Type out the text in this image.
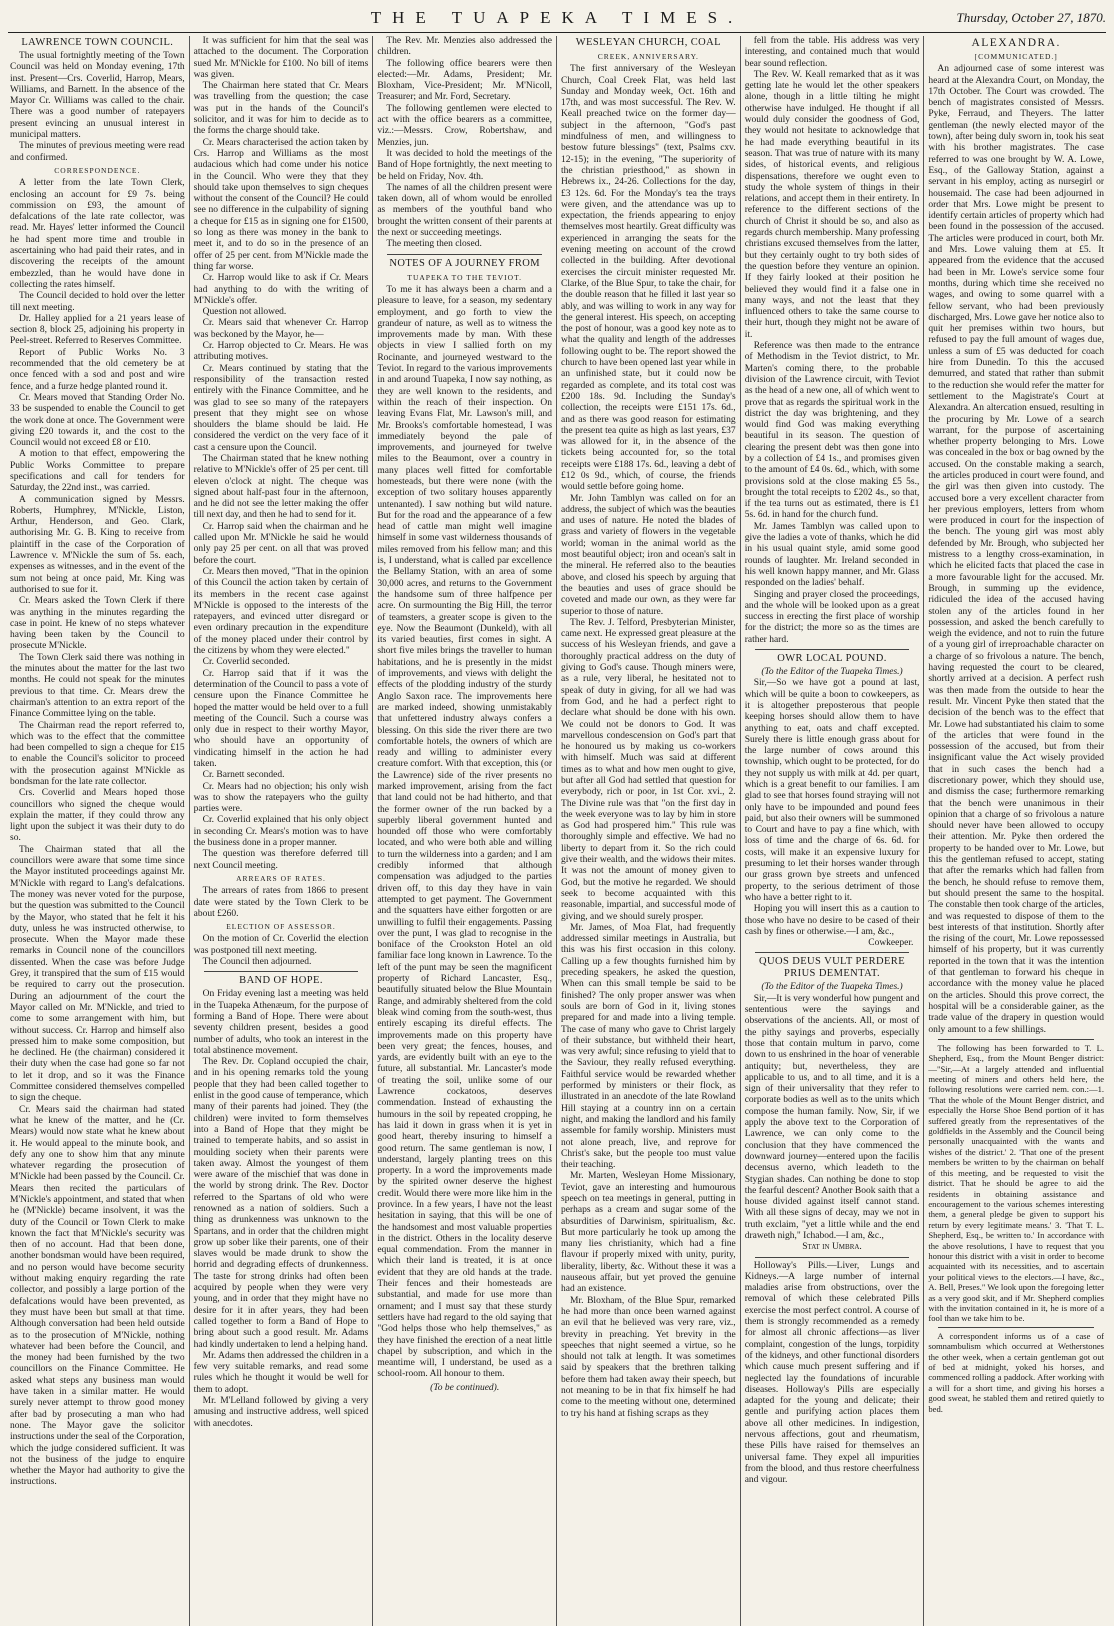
THE TUAPEKA TIMES.	Thursday, October 27, 1870.
LAWRENCE TOWN COUNCIL.

The usual fortnightly meeting of the Town Council was held on Monday evening, 17th inst. Present—Crs. Coverlid, Harrop, Mears, Williams, and Barnett. In the absence of the Mayor Cr. Williams was called to the chair. There was a good number of ratepayers present evincing an unusual interest in municipal matters.

The minutes of previous meeting were read and confirmed.

CORRESPONDENCE.

A letter from the late Town Clerk, enclosing an account for £9 7s. being commission on £93, the amount of defalcations of the late rate collector, was read. Mr. Hayes' letter informed the Council he had spent more time and trouble in ascertaining who had paid their rates, and in discovering the receipts of the amount embezzled, than he would have done in collecting the rates himself.

The Council decided to hold over the letter till next meeting.

Dr. Halley applied for a 21 years lease of section 8, block 25, adjoining his property in Peel-street. Referred to Reserves Committee.

Report of Public Works No. 3 recommended that the old cemetery be at once fenced with a sod and post and wire fence, and a furze hedge planted round it.

Cr. Mears moved that Standing Order No. 33 be suspended to enable the Council to get the work done at once. The Government were giving £20 towards it, and the cost to the Council would not exceed £8 or £10.

A motion to that effect, empowering the Public Works Committee to prepare specifications and call for tenders for Saturday, the 22nd inst., was carried.

A communication signed by Messrs. Roberts, Humphrey, M'Nickle, Liston, Arthur, Henderson, and Geo. Clark, authorising Mr. G. B. King to receive from plaintiff in the case of the Corporation of Lawrence v. M'Nickle the sum of 5s. each, expenses as witnesses, and in the event of the sum not being at once paid, Mr. King was authorised to sue for it.

Cr. Mears asked the Town Clerk if there was anything in the minutes regarding the case in point. He knew of no steps whatever having been taken by the Council to prosecute M'Nickle.

The Town Clerk said there was nothing in the minutes about the matter for the last two months. He could not speak for the minutes previous to that time. Cr. Mears drew the chairman's attention to an extra report of the Finance Committee lying on the table.

The Chairman read the report referred to, which was to the effect that the committee had been compelled to sign a cheque for £15 to enable the Council's solicitor to proceed with the prosecution against M'Nickle as bondsman for the late rate collector.

Crs. Coverlid and Mears hoped those councillors who signed the cheque would explain the matter, if they could throw any light upon the subject it was their duty to do so.

The Chairman stated that all the councillors were aware that some time since the Mayor instituted proceedings against Mr. M'Nickle with regard to Lang's defalcations. The money was never voted for the purpose, but the question was submitted to the Council by the Mayor, who stated that he felt it his duty, unless he was instructed otherwise, to prosecute. When the Mayor made these remarks in Council none of the councillors dissented. When the case was before Judge Grey, it transpired that the sum of £15 would be required to carry out the prosecution. During an adjournment of the court the Mayor called on Mr. M'Nickle, and tried to come to some arrangement with him, but without success. Cr. Harrop and himself also pressed him to make some composition, but he declined. He (the chairman) considered it their duty when the case had gone so far not to let it drop, and so it was the Finance Committee considered themselves compelled to sign the cheque.

Cr. Mears said the chairman had stated what he knew of the matter, and he (Cr. Mears) would now state what he knew about it. He would appeal to the minute book, and defy any one to show him that any minute whatever regarding the prosecution of M'Nickle had been passed by the Council. Cr. Mears then recited the particulars of M'Nickle's appointment, and stated that when he (M'Nickle) became insolvent, it was the duty of the Council or Town Clerk to make known the fact that M'Nickle's security was then of no account. Had that been done, another bondsman would have been required, and no person would have become security without making enquiry regarding the rate collector, and possibly a large portion of the defalcations would have been prevented, as they must have been but small at that time. Although conversation had been held outside as to the prosecution of M'Nickle, nothing whatever had been before the Council, and the money had been furnished by the two councillors on the Finance Committee. He asked what steps any business man would have taken in a similar matter. He would surely never attempt to throw good money after bad by prosecuting a man who had none. The Mayor gave the solicitor instructions under the seal of the Corporation, which the judge considered sufficient. It was not the business of the judge to enquire whether the Mayor had authority to give the instructions.

It was sufficient for him that the seal was attached to the document. The Corporation sued Mr. M'Nickle for £100. No bill of items was given.

The Chairman here stated that Cr. Mears was travelling from the question; the case was put in the hands of the Council's solicitor, and it was for him to decide as to the forms the charge should take.

Cr. Mears characterised the action taken by Crs. Harrop and Williams as the most audacious which had come under his notice in the Council. Who were they that they should take upon themselves to sign cheques without the consent of the Council? He could see no difference in the culpability of signing a cheque for £15 as in signing one for £1500, so long as there was money in the bank to meet it, and to do so in the presence of an offer of 25 per cent. from M'Nickle made the thing far worse.

Cr. Harrop would like to ask if Cr. Mears had anything to do with the writing of M'Nickle's offer.

Question not allowed.

Cr. Mears said that whenever Cr. Harrop was beckoned by the Mayor, he—

Cr. Harrop objected to Cr. Mears. He was attributing motives.

Cr. Mears continued by stating that the responsibility of the transaction rested entirely with the Finance Committee, and he was glad to see so many of the ratepayers present that they might see on whose shoulders the blame should be laid. He considered the verdict on the very face of it cast a censure upon the Council.

The Chairman stated that he knew nothing relative to M'Nickle's offer of 25 per cent. till eleven o'clock at night. The cheque was signed about half-past four in the afternoon, and he did not see the letter making the offer till next day, and then he had to send for it.

Cr. Harrop said when the chairman and he called upon Mr. M'Nickle he said he would only pay 25 per cent. on all that was proved before the court.

Cr. Mears then moved, "That in the opinion of this Council the action taken by certain of its members in the recent case against M'Nickle is opposed to the interests of the ratepayers, and evinced utter disregard or even ordinary precaution in the expenditure of the money placed under their control by the citizens by whom they were elected."

Cr. Coverlid seconded.

Cr. Harrop said that if it was the determination of the Council to pass a vote of censure upon the Finance Committee he hoped the matter would be held over to a full meeting of the Council. Such a course was only due in respect to their worthy Mayor, who should have an opportunity of vindicating himself in the action he had taken.

Cr. Barnett seconded.

Cr. Mears had no objection; his only wish was to show the ratepayers who the guilty parties were.

Cr. Coverlid explained that his only object in seconding Cr. Mears's motion was to have the business done in a proper manner.

The question was therefore deferred till next Council meeting.

ARREARS OF RATES.

The arrears of rates from 1866 to present date were stated by the Town Clerk to be about £260.

ELECTION OF ASSESSOR.

On the motion of Cr. Coverlid the election was postponed till next meeting.

The Council then adjourned.

BAND OF HOPE.

On Friday evening last a meeting was held in the Tuapeka Athenæum, for the purpose of forming a Band of Hope. There were about seventy children present, besides a good number of adults, who took an interest in the total abstinence movement.

The Rev. Dr. Copland occupied the chair, and in his opening remarks told the young people that they had been called together to enlist in the good cause of temperance, which many of their parents had joined. They (the children) were invited to form themselves into a Band of Hope that they might be trained to temperate habits, and so assist in moulding society when their parents were taken away. Almost the youngest of them were aware of the mischief that was done in the world by strong drink. The Rev. Doctor referred to the Spartans of old who were renowned as a nation of soldiers. Such a thing as drunkenness was unknown to the Spartans, and in order that the children might grow up sober like their parents, one of their slaves would be made drunk to show the horrid and degrading effects of drunkenness. The taste for strong drinks had often been acquired by people when they were very young, and in order that they might have no desire for it in after years, they had been called together to form a Band of Hope to bring about such a good result. Mr. Adams had kindly undertaken to lend a helping hand.

Mr. Adams then addressed the children in a few very suitable remarks, and read some rules which he thought it would be well for them to adopt.

Mr. M'Lelland followed by giving a very amusing and instructive address, well spiced with anecdotes.

The Rev. Mr. Menzies also addressed the children.

The following office bearers were then elected:—Mr. Adams, President; Mr. Bloxham, Vice-President; Mr. M'Nicoll, Treasurer; and Mr. Ford, Secretary.

The following gentlemen were elected to act with the office bearers as a committee, viz.:—Messrs. Crow, Robertshaw, and Menzies, jun.

It was decided to hold the meetings of the Band of Hope fortnightly, the next meeting to be held on Friday, Nov. 4th.

The names of all the children present were taken down, all of whom would be enrolled as members of the youthful band who brought the written consent of their parents at the next or succeeding meetings.

The meeting then closed.

NOTES OF A JOURNEY FROM
TUAPEKA TO THE TEVIOT.

To me it has always been a charm and a pleasure to leave, for a season, my sedentary employment, and go forth to view the grandeur of nature, as well as to witness the improvements made by man. With these objects in view I sallied forth on my Rocinante, and journeyed westward to the Teviot. In regard to the various improvements in and around Tuapeka, I now say nothing, as they are well known to the residents, and within the reach of their inspection. On leaving Evans Flat, Mr. Lawson's mill, and Mr. Brooks's comfortable homestead, I was immediately beyond the pale of improvements, and journeyed for twelve miles to the Beaumont, over a country in many places well fitted for comfortable homesteads, but there were none (with the exception of two solitary houses apparently untenanted). I saw nothing but wild nature. But for the road and the appearance of a few head of cattle man might well imagine himself in some vast wilderness thousands of miles removed from his fellow man; and this is, I understand, what is called par excellence the Bellamy Station, with an area of some 30,000 acres, and returns to the Government the handsome sum of three halfpence per acre. On surmounting the Big Hill, the terror of teamsters, a greater scope is given to the eye. Now the Beaumont (Dunkeld), with all its varied beauties, first comes in sight. A short five miles brings the traveller to human habitations, and he is presently in the midst of improvements, and views with delight the effects of the plodding industry of the sturdy Anglo Saxon race. The improvements here are marked indeed, showing unmistakably that unfettered industry always confers a blessing. On this side the river there are two comfortable hotels, the owners of which are ready and willing to administer every creature comfort. With that exception, this (or the Lawrence) side of the river presents no marked improvement, arising from the fact that land could not be had hitherto, and that the former owner of the run backed by a superbly liberal government hunted and hounded off those who were comfortably located, and who were both able and willing to turn the wilderness into a garden; and I am credibly informed that although compensation was adjudged to the parties driven off, to this day they have in vain attempted to get payment. The Government and the squatters have either forgotten or are unwilling to fulfil their engagements. Passing over the punt, I was glad to recognise in the boniface of the Crookston Hotel an old familiar face long known in Lawrence. To the left of the punt may be seen the magnificent property of Richard Lancaster, Esq., beautifully situated below the Blue Mountain Range, and admirably sheltered from the cold bleak wind coming from the south-west, thus entirely escaping its direful effects. The improvements made on this property have been very great; the fences, houses, and yards, are evidently built with an eye to the future, all substantial. Mr. Lancaster's mode of treating the soil, unlike some of our Lawrence cockatoos, deserves commendation. Instead of exhausting the humours in the soil by repeated cropping, he has laid it down in grass when it is yet in good heart, thereby insuring to himself a good return. The same gentleman is now, I understand, largely planting trees on this property. In a word the improvements made by the spirited owner deserve the highest credit. Would there were more like him in the province. In a few years, I have not the least hesitation in saying, that this will be one of the handsomest and most valuable properties in the district. Others in the locality deserve equal commendation. From the manner in which their land is treated, it is at once evident that they are old hands at the trade. Their fences and their homesteads are substantial, and made for use more than ornament; and I must say that these sturdy settlers have had regard to the old saying that "God helps those who help themselves," as they have finished the erection of a neat little chapel by subscription, and which in the meantime will, I understand, be used as a school-room. All honour to them.

(To be continued).
WESLEYAN CHURCH, COAL
CREEK, ANNIVERSARY.

The first anniversary of the Wesleyan Church, Coal Creek Flat, was held last Sunday and Monday week, Oct. 16th and 17th, and was most successful. The Rev. W. Keall preached twice on the former day—subject in the afternoon, "God's past mindfulness of men, and willingness to bestow future blessings" (text, Psalms cxv. 12-15); in the evening, "The superiority of the christian priesthood," as shown in Hebrews ix., 24-26. Collections for the day, £3 12s. 6d. For the Monday's tea the trays were given, and the attendance was up to expectation, the friends appearing to enjoy themselves most heartily. Great difficulty was experienced in arranging the seats for the evening meeting on account of the crowd collected in the building. After devotional exercises the circuit minister requested Mr. Clarke, of the Blue Spur, to take the chair, for the double reason that he filled it last year so ably, and was willing to work in any way for the general interest. His speech, on accepting the post of honour, was a good key note as to what the quality and length of the addresses following ought to be. The report showed the church to have been opened last year while in an unfinished state, but it could now be regarded as complete, and its total cost was £200 18s. 9d. Including the Sunday's collection, the receipts were £151 17s. 6d., and as there was good reason for estimating the present tea quite as high as last years, £37 was allowed for it, in the absence of the tickets being accounted for, so the total receipts were £188 17s. 6d., leaving a debt of £12 0s 9d., which, of course, the friends would settle before going home.

Mr. John Tamblyn was called on for an address, the subject of which was the beauties and uses of nature. He noted the blades of grass and variety of flowers in the vegetable world; woman in the animal world as the most beautiful object; iron and ocean's salt in the mineral. He referred also to the beauties above, and closed his speech by arguing that the beauties and uses of grace should be coveted and made our own, as they were far superior to those of nature.

The Rev. J. Telford, Presbyterian Minister, came next. He expressed great pleasure at the success of his Wesleyan friends, and gave a thoroughly practical address on the duty of giving to God's cause. Though miners were, as a rule, very liberal, he hesitated not to speak of duty in giving, for all we had was from God, and he had a perfect right to declare what should be done with his own. We could not be donors to God. It was marvellous condescension on God's part that he honoured us by making us co-workers with himself. Much was said at different times as to what and how men ought to give, but after all God had settled that question for everybody, rich or poor, in 1st Cor. xvi., 2. The Divine rule was that "on the first day in the week everyone was to lay by him in store as God had prospered him." This rule was thoroughly simple and effective. We had no liberty to depart from it. So the rich could give their wealth, and the widows their mites. It was not the amount of money given to God, but the motive he regarded. We should seek to become acquainted with this reasonable, impartial, and successful mode of giving, and we should surely prosper.

Mr. James, of Moa Flat, had frequently addressed similar meetings in Australia, but this was his first occasion in this colony. Calling up a few thoughts furnished him by preceding speakers, he asked the question, When can this small temple be said to be finished? The only proper answer was when souls are born of God in it, living stones prepared for and made into a living temple. The case of many who gave to Christ largely of their substance, but withheld their heart, was very awful; since refusing to yield that to the Saviour, they really refused everything. Faithful service would be rewarded whether performed by ministers or their flock, as illustrated in an anecdote of the late Rowland Hill staying at a country inn on a certain night, and making the landlord and his family assemble for family worship. Ministers must not alone preach, live, and reprove for Christ's sake, but the people too must value their teaching.

Mr. Marten, Wesleyan Home Missionary, Teviot, gave an interesting and humourous speech on tea meetings in general, putting in perhaps as a cream and sugar some of the absurdities of Darwinism, spiritualism, &c. But more particularly he took up among the many lies christianity, which had a fine flavour if properly mixed with unity, purity, liberality, liberty, &c. Without these it was a nauseous affair, but yet proved the genuine had an existence.

Mr. Bloxham, of the Blue Spur, remarked he had more than once been warned against an evil that he believed was very rare, viz., brevity in preaching. Yet brevity in the speeches that night seemed a virtue, so he should not talk at length. It was sometimes said by speakers that the brethren talking before them had taken away their speech, but not meaning to be in that fix himself he had come to the meeting without one, determined to try his hand at fishing scraps as they

fell from the table. His address was very interesting, and contained much that would bear sound reflection.

The Rev. W. Keall remarked that as it was getting late he would let the other speakers alone, though in a little tilting he might otherwise have indulged. He thought if all would duly consider the goodness of God, they would not hesitate to acknowledge that he had made everything beautiful in its season. That was true of nature with its many sides, of historical events, and religious dispensations, therefore we ought even to study the whole system of things in their relations, and accept them in their entirety. In reference to the different sections of the church of Christ it should be so, and also as regards church membership. Many professing christians excused themselves from the latter, but they certainly ought to try both sides of the question before they venture an opinion. If they fairly looked at their position he believed they would find it a false one in many ways, and not the least that they influenced others to take the same course to their hurt, though they might not be aware of it.

Reference was then made to the entrance of Methodism in the Teviot district, to Mr. Marten's coming there, to the probable division of the Lawrence circuit, with Teviot as the head of a new one, all of which went to prove that as regards the spiritual work in the district the day was brightening, and they would find God was making everything beautiful in its season. The question of clearing the present debt was then gone into by a collection of £4 1s., and promises given to the amount of £4 0s. 6d., which, with some provisions sold at the close making £5 5s., brought the total receipts to £202 4s., so that, if the tea turns out as estimated, there is £1 5s. 6d. in hand for the church fund.

Mr. James Tamblyn was called upon to give the ladies a vote of thanks, which he did in his usual quaint style, amid some good rounds of laughter. Mr. Ireland seconded in his well known happy manner, and Mr. Glass responded on the ladies' behalf.

Singing and prayer closed the proceedings, and the whole will be looked upon as a great success in erecting the first place of worship for the district; the more so as the times are rather hard.

OWR LOCAL POUND.
(To the Editor of the Tuapeka Times.)

Sir,—So we have got a pound at last, which will be quite a boon to cowkeepers, as it is altogether preposterous that people keeping horses should allow them to have anything to eat, oats and chaff excepted. Surely there is little enough grass about for the large number of cows around this township, which ought to be protected, for do they not supply us with milk at 4d. per quart, which is a great benefit to our families. I am glad to see that horses found straying will not only have to be impounded and pound fees paid, but also their owners will be summoned to Court and have to pay a fine which, with loss of time and the charge of 6s. 6d. for costs, will make it an expensive luxury for presuming to let their horses wander through our grass grown bye streets and unfenced property, to the serious detriment of those who have a better right to it.

Hoping you will insert this as a caution to those who have no desire to be cased of their cash by fines or otherwise.—I am, &c.,

Cowkeeper.
QUOS DEUS VULT PERDERE PRIUS DEMENTAT.
(To the Editor of the Tuapeka Times.)

Sir,—It is very wonderful how pungent and sententious were the sayings and observations of the ancients. All, or most of the pithy sayings and proverbs, especially those that contain multum in parvo, come down to us enshrined in the hoar of venerable antiquity; but, nevertheless, they are applicable to us, and to all time, and it is a sign of their universality that they refer to corporate bodies as well as to the units which compose the human family. Now, Sir, if we apply the above text to the Corporation of Lawrence, we can only come to the conclusion that they have commenced the downward journey—entered upon the facilis decensus averno, which leadeth to the Stygian shades. Can nothing be done to stop the fearful descent? Another Book saith that a house divided against itself cannot stand. With all these signs of decay, may we not in truth exclaim, "yet a little while and the end draweth nigh," Ichabod.—I am, &c.,

Stat in Umbra.

Holloway's Pills.—Liver, Lungs and Kidneys.—A large number of internal maladies arise from obstructions, over the removal of which these celebrated Pills exercise the most perfect control. A course of them is strongly recommended as a remedy for almost all chronic affections—as liver complaint, congestion of the lungs, torpidity of the kidneys, and other functional disorders which cause much present suffering and if neglected lay the foundations of incurable diseases. Holloway's Pills are especially adapted for the young and delicate; their gentle and purifying action places them above all other medicines. In indigestion, nervous affections, gout and rheumatism, these Pills have raised for themselves an universal fame. They expel all impurities from the blood, and thus restore cheerfulness and vigour.

ALEXANDRA.
[COMMUNICATED.]

An adjourned case of some interest was heard at the Alexandra Court, on Monday, the 17th October. The Court was crowded. The bench of magistrates consisted of Messrs. Pyke, Ferraud, and Theyers. The latter gentleman (the newly elected mayor of the town), after being duly sworn in, took his seat with his brother magistrates. The case referred to was one brought by W. A. Lowe, Esq., of the Galloway Station, against a servant in his employ, acting as nursegirl or housemaid. The case had been adjourned in order that Mrs. Lowe might be present to identify certain articles of property which had been found in the possession of the accused. The articles were produced in court, both Mr. and Mrs. Lowe valuing them at £5. It appeared from the evidence that the accused had been in Mr. Lowe's service some four months, during which time she received no wages, and owing to some quarrel with a fellow servant, who had been previously discharged, Mrs. Lowe gave her notice also to quit her premises within two hours, but refused to pay the full amount of wages due, unless a sum of £5 was deducted for coach hire from Dunedin. To this the accused demurred, and stated that rather than submit to the reduction she would refer the matter for settlement to the Magistrate's Court at Alexandra. An altercation ensued, resulting in the procuring by Mr. Lowe of a search warrant, for the purpose of ascertaining whether property belonging to Mrs. Lowe was concealed in the box or bag owned by the accused. On the constable making a search, the articles produced in court were found, and the girl was then given into custody. The accused bore a very excellent character from her previous employers, letters from whom were produced in court for the inspection of the bench. The young girl was most ably defended by Mr. Brough, who subjected her mistress to a lengthy cross-examination, in which he elicited facts that placed the case in a more favourable light for the accused. Mr. Brough, in summing up the evidence, ridiculed the idea of the accused having stolen any of the articles found in her possession, and asked the bench carefully to weigh the evidence, and not to ruin the future of a young girl of irreproachable character on a charge of so frivolous a nature. The bench, having requested the court to be cleared, shortly arrived at a decision. A perfect rush was then made from the outside to hear the result. Mr. Vincent Pyke then stated that the decision of the bench was to the effect that Mr. Lowe had substantiated his claim to some of the articles that were found in the possession of the accused, but from their insignificant value the Act wisely provided that in such cases the bench had a discretionary power, which they should use, and dismiss the case; furthermore remarking that the bench were unanimous in their opinion that a charge of so frivolous a nature should never have been allowed to occupy their attention. Mr. Pyke then ordered the property to be handed over to Mr. Lowe, but this the gentleman refused to accept, stating that after the remarks which had fallen from the bench, he should refuse to remove them, but should present the same to the hospital. The constable then took charge of the articles, and was requested to dispose of them to the best interests of that institution. Shortly after the rising of the court, Mr. Lowe repossessed himself of his property, but it was currently reported in the town that it was the intention of that gentleman to forward his cheque in accordance with the money value he placed on the articles. Should this prove correct, the hospital will be a considerable gainer, as the trade value of the drapery in question would only amount to a few shillings.

The following has been forwarded to T. L. Shepherd, Esq., from the Mount Benger district:—"Sir,—At a largely attended and influential meeting of miners and others held here, the following resolutions were carried nem. con.:—1. 'That the whole of the Mount Benger district, and especially the Horse Shoe Bend portion of it has suffered greatly from the representatives of the goldfields in the Assembly and the Council being personally unacquainted with the wants and wishes of the district.' 2. 'That one of the present members be written to by the chairman on behalf of this meeting, and be requested to visit the district. That he should be agree to aid the residents in obtaining assistance and encouragement to the various schemes interesting them, a general pledge be given to support his return by every legitimate means.' 3. 'That T. L. Shepherd, Esq., be written to.' In accordance with the above resolutions, I have to request that you honour this district with a visit in order to become acquainted with its necessities, and to ascertain your political views to the electors.—I have, &c., A. Bell, Preses." We look upon the foregoing letter as a very good skit, and if Mr. Shepherd complies with the invitation contained in it, he is more of a fool than we take him to be.

A correspondent informs us of a case of somnambulism which occurred at Wetherstones the other week, when a certain gentleman got out of bed at midnight, yoked his horses, and commenced rolling a paddock. After working with a will for a short time, and giving his horses a good sweat, he stabled them and retired quietly to bed.
